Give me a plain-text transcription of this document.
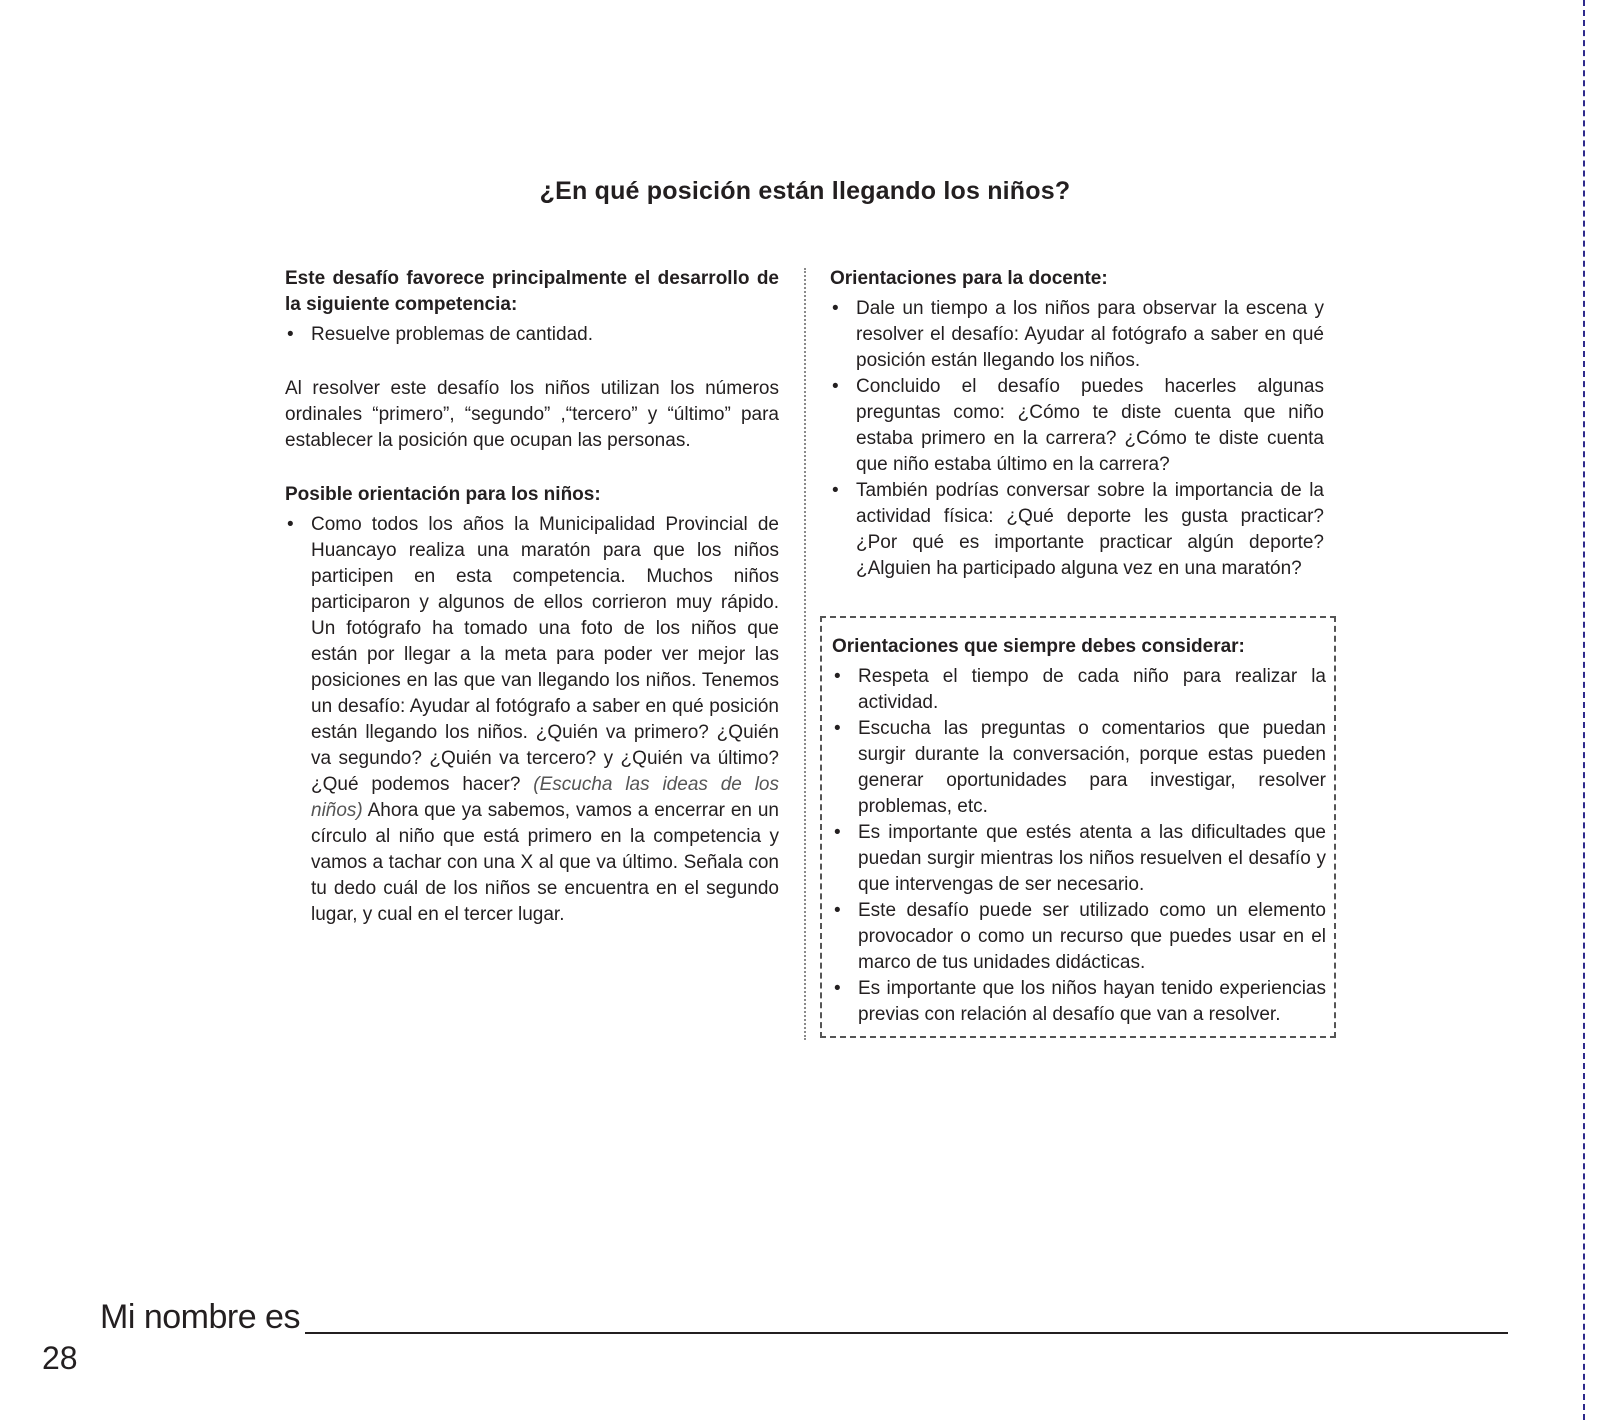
¿En qué posición están llegando los niños?

Este desafío favorece principalmente el desarrollo de la siguiente competencia:

• Resuelve problemas de cantidad.

Al resolver este desafío los niños utilizan los números ordinales “primero”, “segundo” ,“tercero” y “último” para establecer la posición que ocupan las personas.

Posible orientación para los niños:

• Como todos los años la Municipalidad Provincial de Huancayo realiza una maratón para que los niños participen en esta competencia. Muchos niños participaron y algunos de ellos corrieron muy rápido. Un fotógrafo ha tomado una foto de los niños que están por llegar a la meta para poder ver mejor las posiciones en las que van llegando los niños. Tenemos un desafío: Ayudar al fotógrafo a saber en qué posición están llegando los niños. ¿Quién va primero? ¿Quién va segundo? ¿Quién va tercero? y ¿Quién va último? ¿Qué podemos hacer? (Escucha las ideas de los niños) Ahora que ya sabemos, vamos a encerrar en un círculo al niño que está primero en la competencia y vamos a tachar con una X al que va último. Señala con tu dedo cuál de los niños se encuentra en el segundo lugar, y cual en el tercer lugar.

Orientaciones para la docente:

• Dale un tiempo a los niños para observar la escena y resolver el desafío: Ayudar al fotógrafo a saber en qué posición están llegando los niños.
• Concluido el desafío puedes hacerles algunas preguntas como: ¿Cómo te diste cuenta que niño estaba primero en la carrera? ¿Cómo te diste cuenta que niño estaba último en la carrera?
• También podrías conversar sobre la importancia de la actividad física: ¿Qué deporte les gusta practicar? ¿Por qué es importante practicar algún deporte? ¿Alguien ha participado alguna vez en una maratón?

Orientaciones que siempre debes considerar:

• Respeta el tiempo de cada niño para realizar la actividad.
• Escucha las preguntas o comentarios que puedan surgir durante la conversación, porque estas pueden generar oportunidades para investigar, resolver problemas, etc.
• Es importante que estés atenta a las dificultades que puedan surgir mientras los niños resuelven el desafío y que intervengas de ser necesario.
• Este desafío puede ser utilizado como un elemento provocador o como un recurso que puedes usar en el marco de tus unidades didácticas.
• Es importante que los niños hayan tenido experiencias previas con relación al desafío que van a resolver.
Mi nombre es
28
